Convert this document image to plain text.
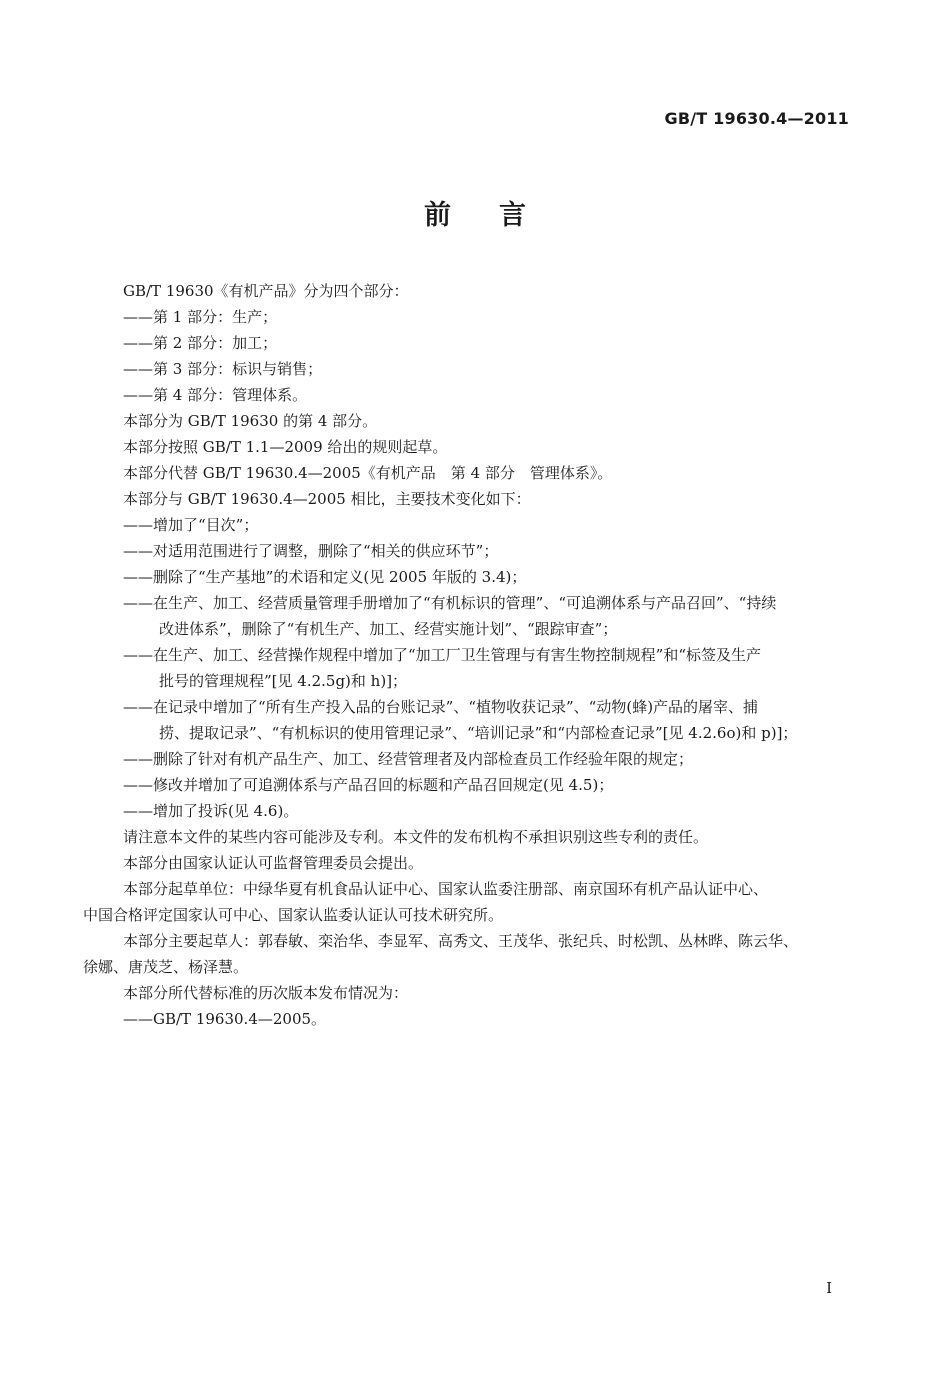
GB/T 19630.4—2011
前言
GB/T 19630《有机产品》分为四个部分：
——第 1 部分：生产；
——第 2 部分：加工；
——第 3 部分：标识与销售；
——第 4 部分：管理体系。
本部分为 GB/T 19630 的第 4 部分。
本部分按照 GB/T 1.1—2009 给出的规则起草。
本部分代替 GB/T 19630.4—2005《有机产品　第 4 部分　管理体系》。
本部分与 GB/T 19630.4—2005 相比，主要技术变化如下：
——增加了“目次”；
——对适用范围进行了调整，删除了“相关的供应环节”；
——删除了“生产基地”的术语和定义(见 2005 年版的 3.4)；
——在生产、加工、经营质量管理手册增加了“有机标识的管理”、“可追溯体系与产品召回”、“持续
改进体系”，删除了“有机生产、加工、经营实施计划”、“跟踪审查”；
——在生产、加工、经营操作规程中增加了“加工厂卫生管理与有害生物控制规程”和“标签及生产
批号的管理规程”[见 4.2.5g)和 h)]；
——在记录中增加了“所有生产投入品的台账记录”、“植物收获记录”、“动物(蜂)产品的屠宰、捕
捞、提取记录”、“有机标识的使用管理记录”、“培训记录”和“内部检查记录”[见 4.2.6o)和 p)]；
——删除了针对有机产品生产、加工、经营管理者及内部检查员工作经验年限的规定；
——修改并增加了可追溯体系与产品召回的标题和产品召回规定(见 4.5)；
——增加了投诉(见 4.6)。
请注意本文件的某些内容可能涉及专利。本文件的发布机构不承担识别这些专利的责任。
本部分由国家认证认可监督管理委员会提出。
本部分起草单位：中绿华夏有机食品认证中心、国家认监委注册部、南京国环有机产品认证中心、
中国合格评定国家认可中心、国家认监委认证认可技术研究所。
本部分主要起草人：郭春敏、栾治华、李显军、高秀文、王茂华、张纪兵、时松凯、丛林晔、陈云华、
徐娜、唐茂芝、杨泽慧。
本部分所代替标准的历次版本发布情况为：
——GB/T 19630.4—2005。
I
